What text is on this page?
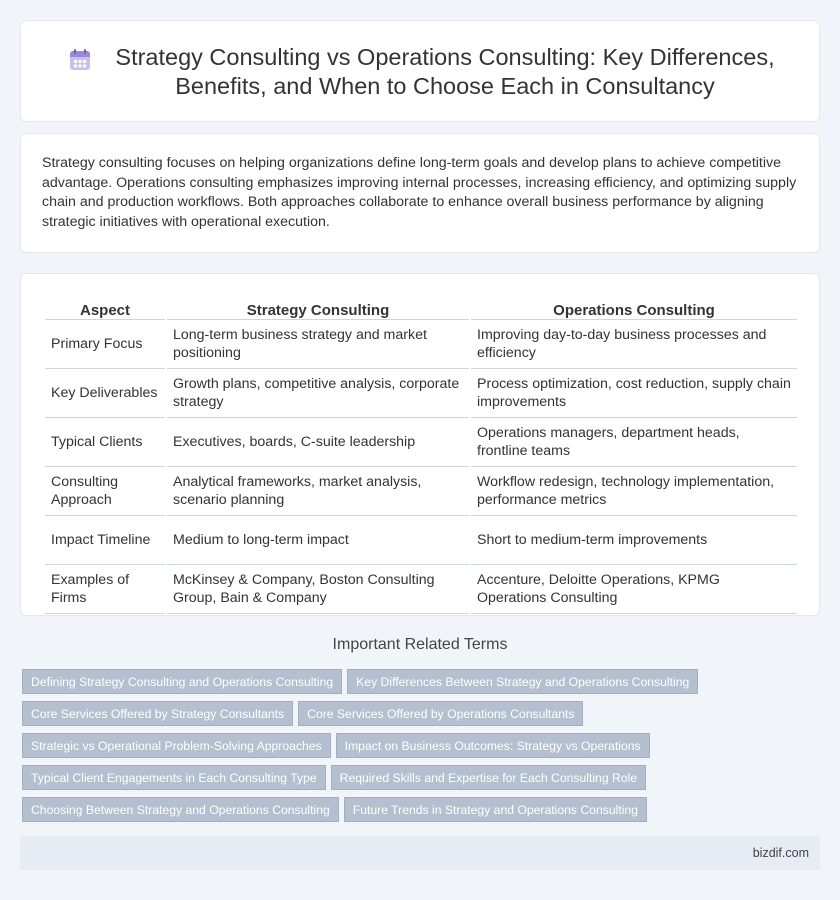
Strategy Consulting vs Operations Consulting: Key Differences, Benefits, and When to Choose Each in Consultancy

Strategy consulting focuses on helping organizations define long-term goals and develop plans to achieve competitive advantage. Operations consulting emphasizes improving internal processes, increasing efficiency, and optimizing supply chain and production workflows. Both approaches collaborate to enhance overall business performance by aligning strategic initiatives with operational execution.

Aspect	Strategy Consulting	Operations Consulting
Primary Focus	Long-term business strategy and market positioning	Improving day-to-day business processes and efficiency
Key Deliverables	Growth plans, competitive analysis, corporate strategy	Process optimization, cost reduction, supply chain improvements
Typical Clients	Executives, boards, C-suite leadership	Operations managers, department heads, frontline teams
Consulting Approach	Analytical frameworks, market analysis, scenario planning	Workflow redesign, technology implementation, performance metrics
Impact Timeline	Medium to long-term impact	Short to medium-term improvements
Examples of Firms	McKinsey & Company, Boston Consulting Group, Bain & Company	Accenture, Deloitte Operations, KPMG Operations Consulting
Important Related Terms
Defining Strategy Consulting and Operations Consulting Key Differences Between Strategy and Operations Consulting
Core Services Offered by Strategy Consultants Core Services Offered by Operations Consultants
Strategic vs Operational Problem-Solving Approaches Impact on Business Outcomes: Strategy vs Operations
Typical Client Engagements in Each Consulting Type Required Skills and Expertise for Each Consulting Role
Choosing Between Strategy and Operations Consulting Future Trends in Strategy and Operations Consulting
bizdif.com
